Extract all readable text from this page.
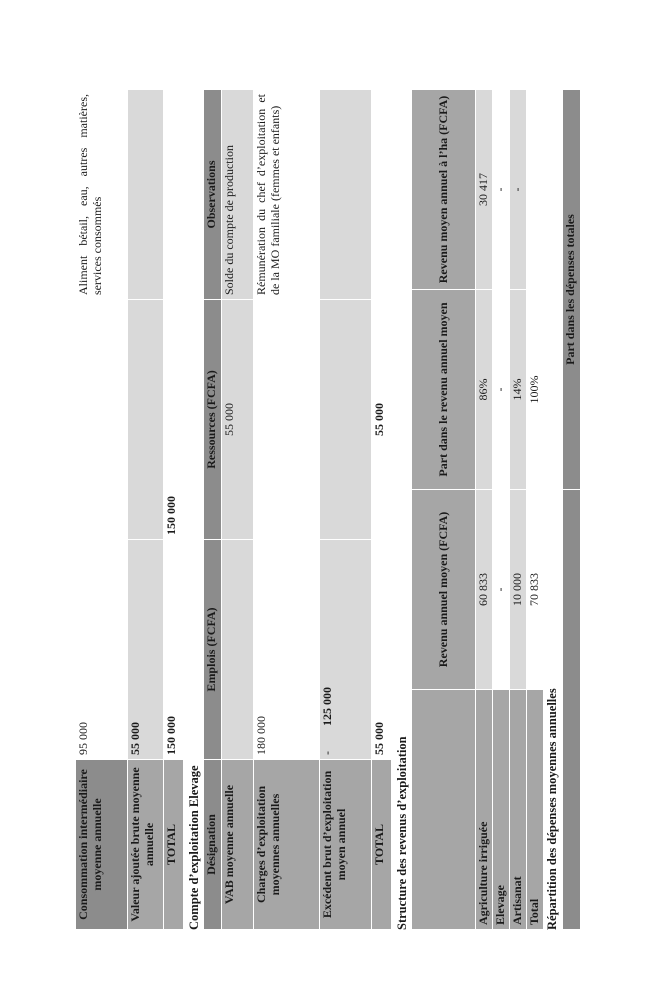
Consommation intermédiaire moyenne annuelle	95 000		Aliment bétail, eau, autres matières, services consommés
Valeur ajoutée brute moyenne annuelle	55 000		
TOTAL	150 000	150 000	
Compte d’exploitation Elevage Désignation	Emplois (FCFA)	Ressources (FCFA)	Observations
VAB moyenne annuelle		55 000	Solde du compte de production
Charges d’exploitation moyennes annuelles	180 000		Rémunération du chef d’exploitation et de la MO familiale (femmes et enfants)
Excédent brut d’exploitation moyen annuel	- 125 000		
TOTAL	55 000	55 000	
Structure des revenus d’exploitation
	Revenu annuel moyen (FCFA)	Part dans le revenu annuel moyen	Revenu moyen annuel à l’ha (FCFA)
Agriculture irriguée	60 833	86%	30 417
Elevage	-	-	-
Artisanat	10 000	14%	-
Total	70 833	100%	
Répartition des dépenses moyennes annuelles
	Part dans les dépenses totales
